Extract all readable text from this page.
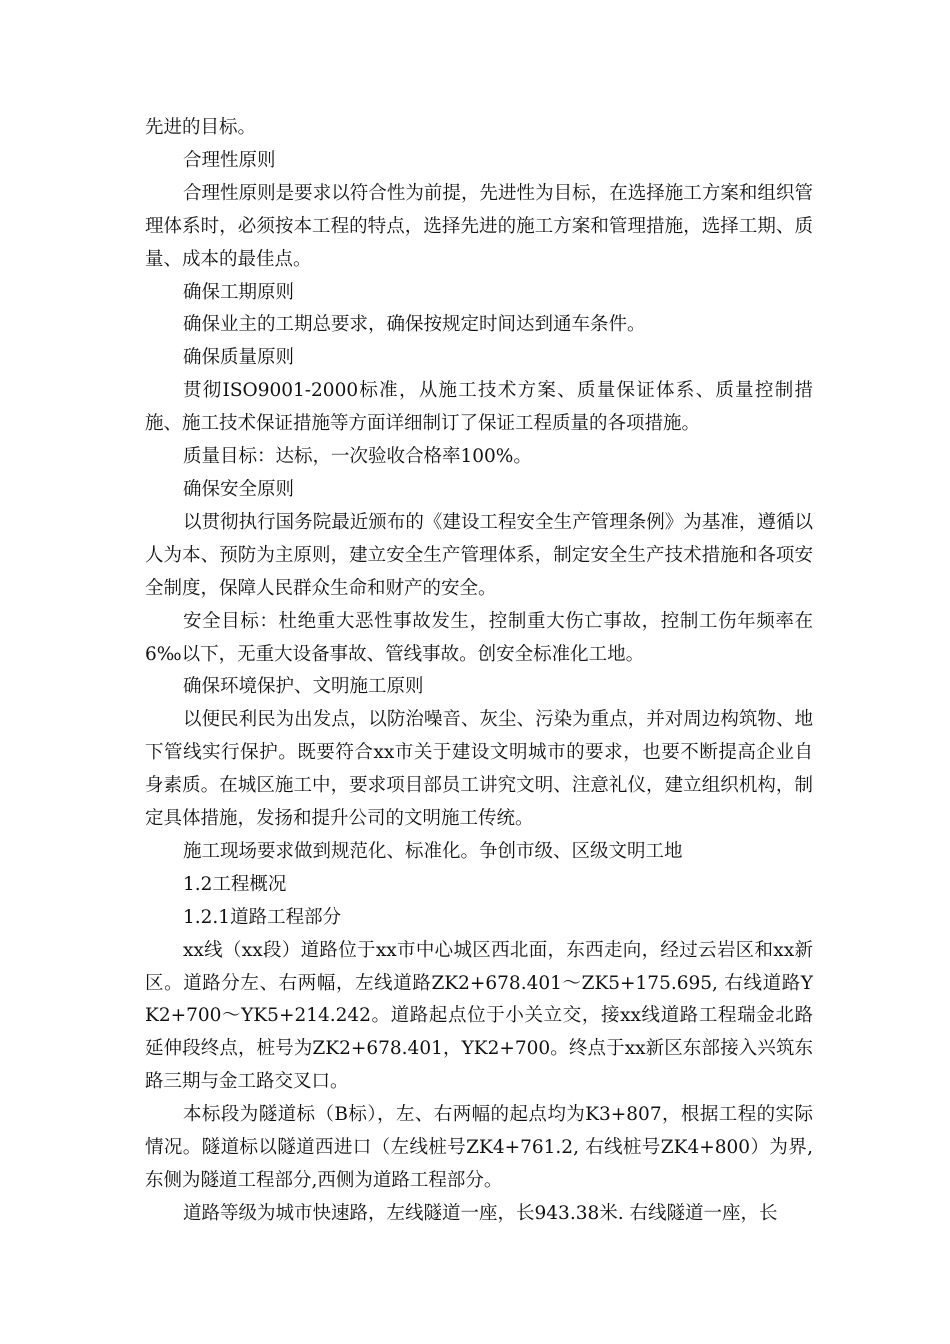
先进的目标。

合理性原则

合理性原则是要求以符合性为前提，先进性为目标，在选择施工方案和组织管理体系时，必须按本工程的特点，选择先进的施工方案和管理措施，选择工期、质量、成本的最佳点。

确保工期原则

确保业主的工期总要求，确保按规定时间达到通车条件。

确保质量原则

贯彻ISO9001-2000标准，从施工技术方案、质量保证体系、质量控制措施、施工技术保证措施等方面详细制订了保证工程质量的各项措施。

质量目标：达标，一次验收合格率100%。

确保安全原则

以贯彻执行国务院最近颁布的《建设工程安全生产管理条例》为基准，遵循以人为本、预防为主原则，建立安全生产管理体系，制定安全生产技术措施和各项安全制度，保障人民群众生命和财产的安全。

安全目标：杜绝重大恶性事故发生，控制重大伤亡事故，控制工伤年频率在6‰以下，无重大设备事故、管线事故。创安全标准化工地。

确保环境保护、文明施工原则

以便民利民为出发点，以防治噪音、灰尘、污染为重点，并对周边构筑物、地下管线实行保护。既要符合xx市关于建设文明城市的要求，也要不断提高企业自身素质。在城区施工中，要求项目部员工讲究文明、注意礼仪，建立组织机构，制定具体措施，发扬和提升公司的文明施工传统。

施工现场要求做到规范化、标准化。争创市级、区级文明工地

1.2工程概况

1.2.1道路工程部分

xx线（xx段）道路位于xx市中心城区西北面，东西走向，经过云岩区和xx新区。道路分左、右两幅，左线道路ZK2+678.401～ZK5+175.695, 右线道路YK2+700～YK5+214.242。道路起点位于小关立交，接xx线道路工程瑞金北路延伸段终点，桩号为ZK2+678.401，YK2+700。终点于xx新区东部接入兴筑东路三期与金工路交叉口。

本标段为隧道标（B标），左、右两幅的起点均为K3+807，根据工程的实际情况。隧道标以隧道西进口（左线桩号ZK4+761.2, 右线桩号ZK4+800）为界,东侧为隧道工程部分,西侧为道路工程部分。

道路等级为城市快速路，左线隧道一座，长943.38米. 右线隧道一座，长
